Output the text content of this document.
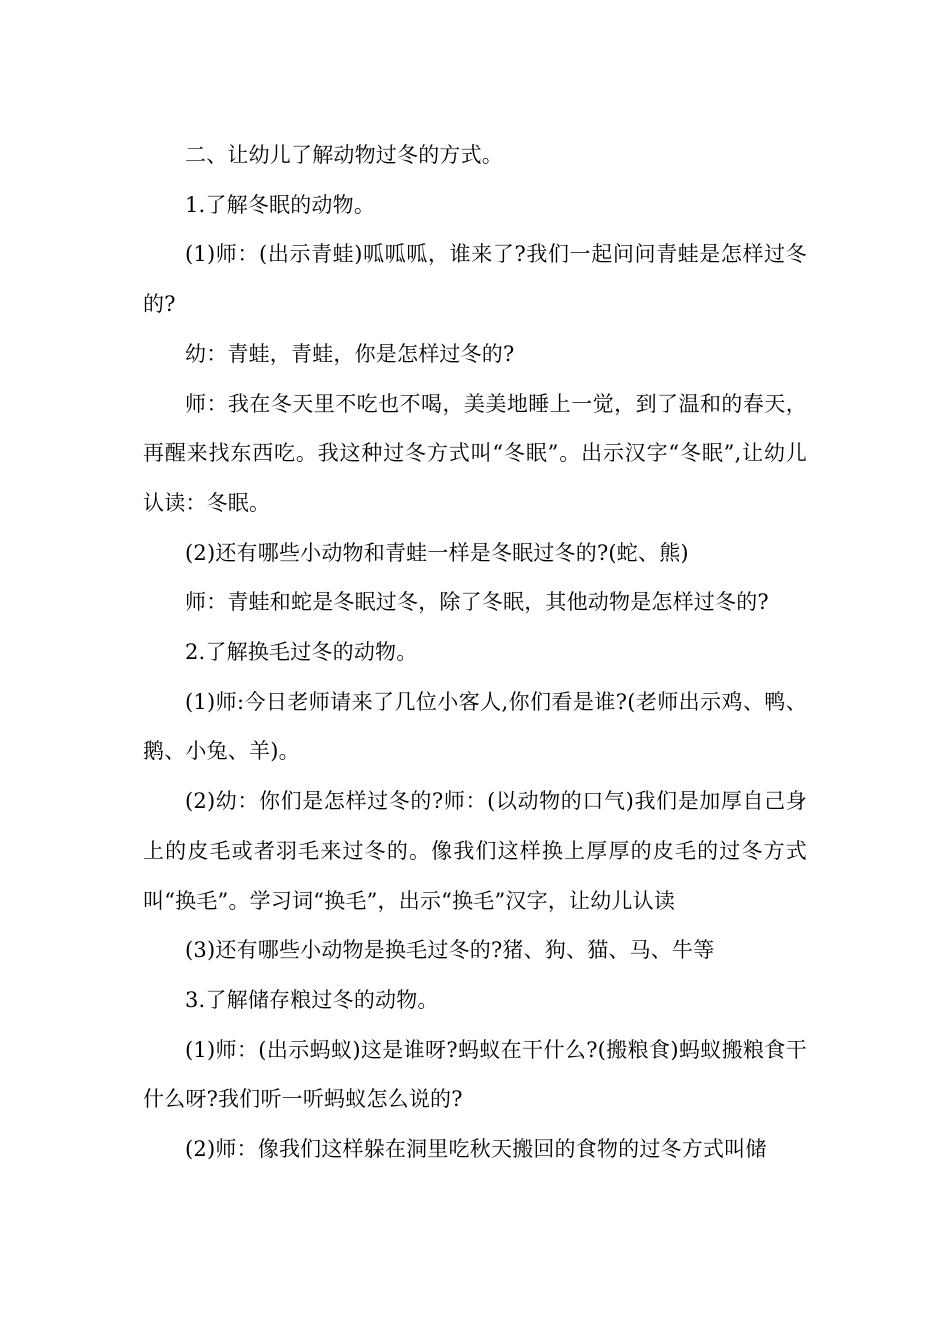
二、让幼儿了解动物过冬的方式。

1.了解冬眠的动物。

(1)师：(出示青蛙)呱呱呱，谁来了?我们一起问问青蛙是怎样过冬的?

幼：青蛙，青蛙，你是怎样过冬的?

师：我在冬天里不吃也不喝，美美地睡上一觉，到了温和的春天，再醒来找东西吃。我这种过冬方式叫“冬眠”。出示汉字“冬眠”,让幼儿认读：冬眠。

(2)还有哪些小动物和青蛙一样是冬眠过冬的?(蛇、熊)

师：青蛙和蛇是冬眠过冬，除了冬眠，其他动物是怎样过冬的?

2.了解换毛过冬的动物。

(1)师:今日老师请来了几位小客人,你们看是谁?(老师出示鸡、鸭、鹅、小兔、羊)。

(2)幼：你们是怎样过冬的?师：(以动物的口气)我们是加厚自己身上的皮毛或者羽毛来过冬的。像我们这样换上厚厚的皮毛的过冬方式叫“换毛”。学习词“换毛”，出示“换毛”汉字，让幼儿认读

(3)还有哪些小动物是换毛过冬的?猪、狗、猫、马、牛等

3.了解储存粮过冬的动物。

(1)师：(出示蚂蚁)这是谁呀?蚂蚁在干什么?(搬粮食)蚂蚁搬粮食干什么呀?我们听一听蚂蚁怎么说的?

(2)师：像我们这样躲在洞里吃秋天搬回的食物的过冬方式叫储
